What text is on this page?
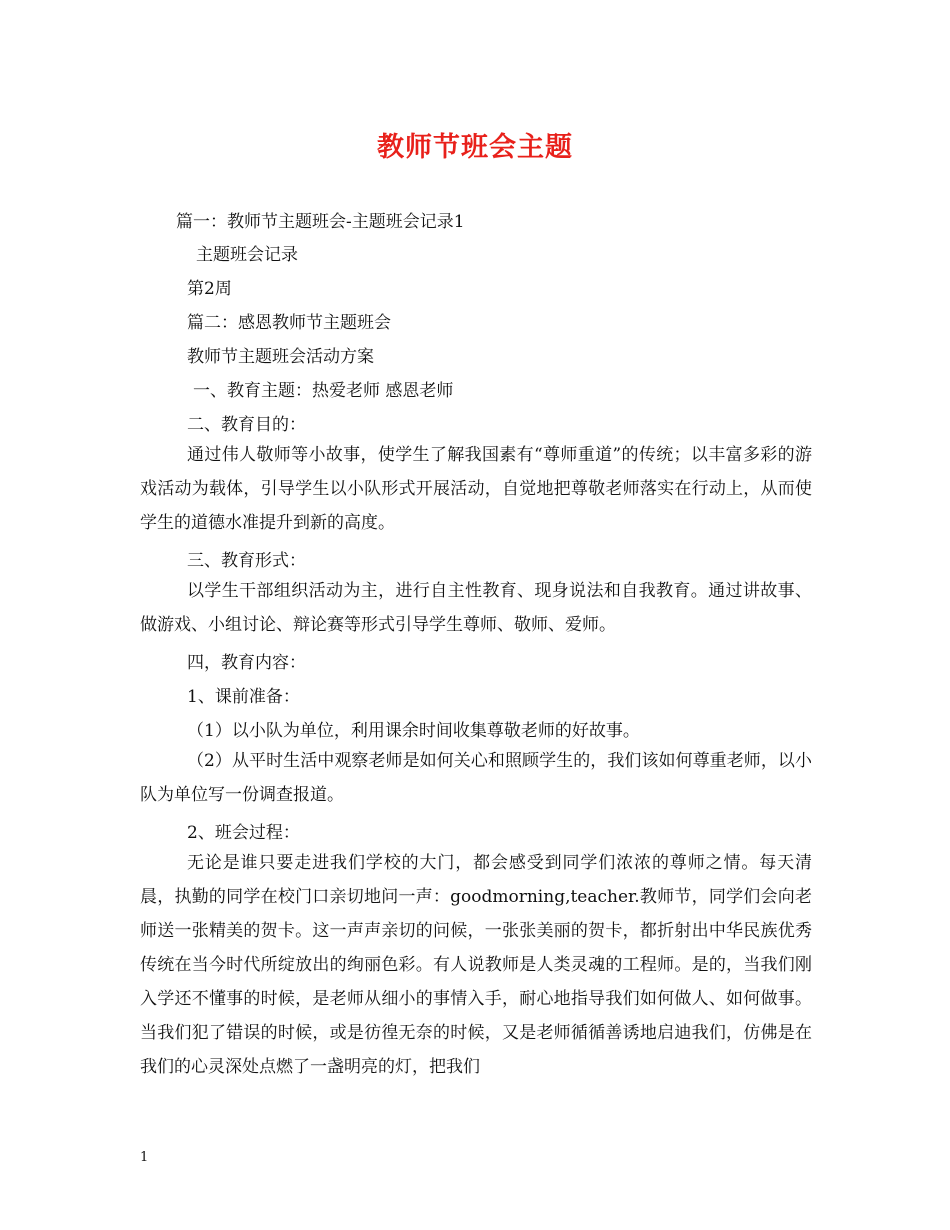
教师节班会主题
篇一：教师节主题班会-主题班会记录1
主题班会记录
第2周
篇二：感恩教师节主题班会
教师节主题班会活动方案
一、教育主题：热爱老师 感恩老师
二、教育目的：
通过伟人敬师等小故事，使学生了解我国素有“尊师重道”的传统；以丰富多彩的游戏活动为载体，引导学生以小队形式开展活动，自觉地把尊敬老师落实在行动上，从而使学生的道德水准提升到新的高度。
三、教育形式：
以学生干部组织活动为主，进行自主性教育、现身说法和自我教育。通过讲故事、做游戏、小组讨论、辩论赛等形式引导学生尊师、敬师、爱师。
四，教育内容：
1、课前准备：
（1）以小队为单位，利用课余时间收集尊敬老师的好故事。
（2）从平时生活中观察老师是如何关心和照顾学生的，我们该如何尊重老师，以小队为单位写一份调查报道。
2、班会过程：
无论是谁只要走进我们学校的大门，都会感受到同学们浓浓的尊师之情。每天清晨，执勤的同学在校门口亲切地问一声：goodmorning,teacher.教师节，同学们会向老师送一张精美的贺卡。这一声声亲切的问候，一张张美丽的贺卡，都折射出中华民族优秀传统在当今时代所绽放出的绚丽色彩。有人说教师是人类灵魂的工程师。是的，当我们刚入学还不懂事的时候，是老师从细小的事情入手，耐心地指导我们如何做人、如何做事。当我们犯了错误的时候，或是彷徨无奈的时候，又是老师循循善诱地启迪我们，仿佛是在我们的心灵深处点燃了一盏明亮的灯，把我们
1
